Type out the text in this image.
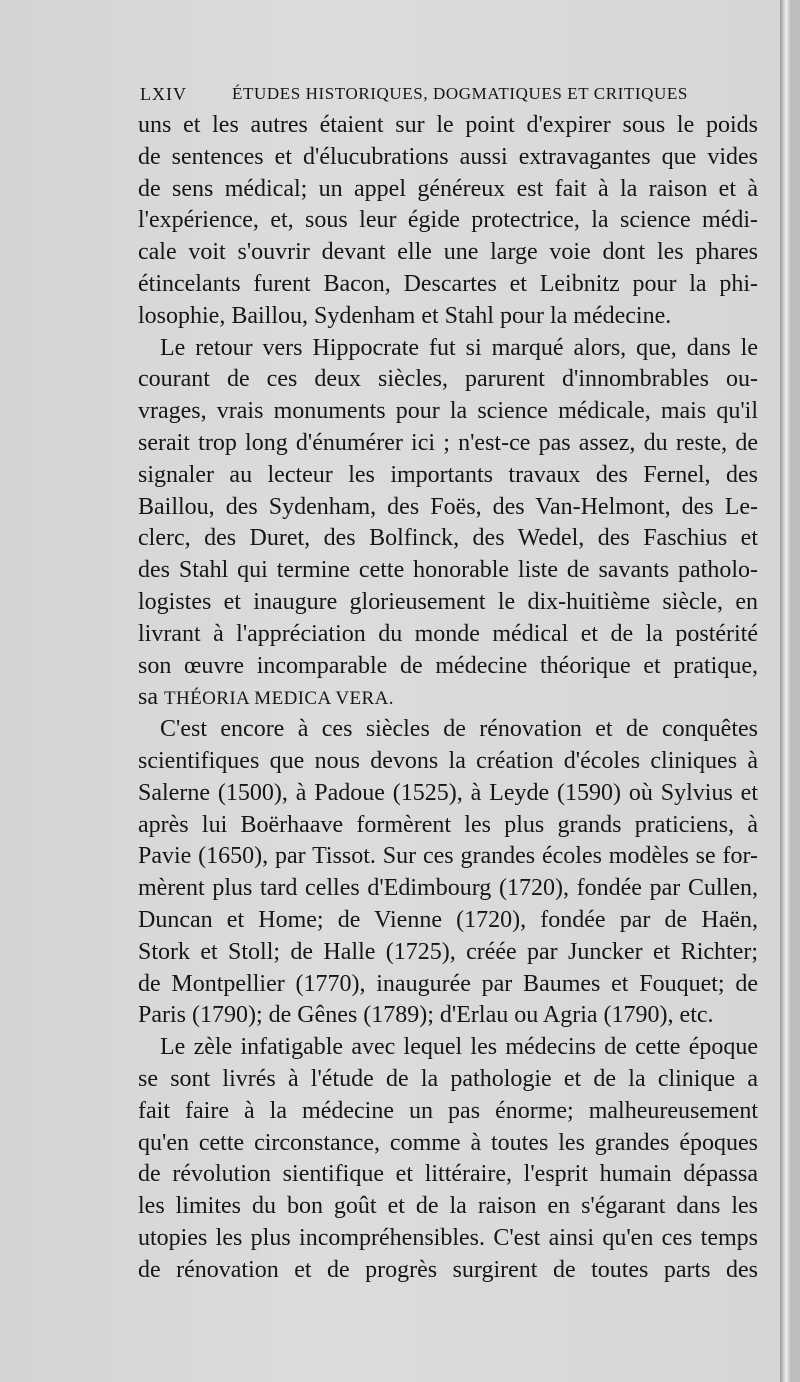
LXIV	ÉTUDES HISTORIQUES, DOGMATIQUES ET CRITIQUES
uns et les autres étaient sur le point d'expirer sous le poids
de sentences et d'élucubrations aussi extravagantes que vides
de sens médical; un appel généreux est fait à la raison et à
l'expérience, et, sous leur égide protectrice, la science médi-
cale voit s'ouvrir devant elle une large voie dont les phares
étincelants furent Bacon, Descartes et Leibnitz pour la phi-
losophie, Baillou, Sydenham et Stahl pour la médecine.
Le retour vers Hippocrate fut si marqué alors, que, dans le
courant de ces deux siècles, parurent d'innombrables ou-
vrages, vrais monuments pour la science médicale, mais qu'il
serait trop long d'énumérer ici ; n'est-ce pas assez, du reste, de
signaler au lecteur les importants travaux des Fernel, des
Baillou, des Sydenham, des Foës, des Van-Helmont, des Le-
clerc, des Duret, des Bolfinck, des Wedel, des Faschius et
des Stahl qui termine cette honorable liste de savants patholo-
logistes et inaugure glorieusement le dix-huitième siècle, en
livrant à l'appréciation du monde médical et de la postérité
son œuvre incomparable de médecine théorique et pratique,
sa THÉORIA MEDICA VERA.
C'est encore à ces siècles de rénovation et de conquêtes
scientifiques que nous devons la création d'écoles cliniques à
Salerne (1500), à Padoue (1525), à Leyde (1590) où Sylvius et
après lui Boërhaave formèrent les plus grands praticiens, à
Pavie (1650), par Tissot. Sur ces grandes écoles modèles se for-
mèrent plus tard celles d'Edimbourg (1720), fondée par Cullen,
Duncan et Home; de Vienne (1720), fondée par de Haën,
Stork et Stoll; de Halle (1725), créée par Juncker et Richter;
de Montpellier (1770), inaugurée par Baumes et Fouquet; de
Paris (1790); de Gênes (1789); d'Erlau ou Agria (1790), etc.
Le zèle infatigable avec lequel les médecins de cette époque
se sont livrés à l'étude de la pathologie et de la clinique a
fait faire à la médecine un pas énorme; malheureusement
qu'en cette circonstance, comme à toutes les grandes époques
de révolution sientifique et littéraire, l'esprit humain dépassa
les limites du bon goût et de la raison en s'égarant dans les
utopies les plus incompréhensibles. C'est ainsi qu'en ces temps
de rénovation et de progrès surgirent de toutes parts des
